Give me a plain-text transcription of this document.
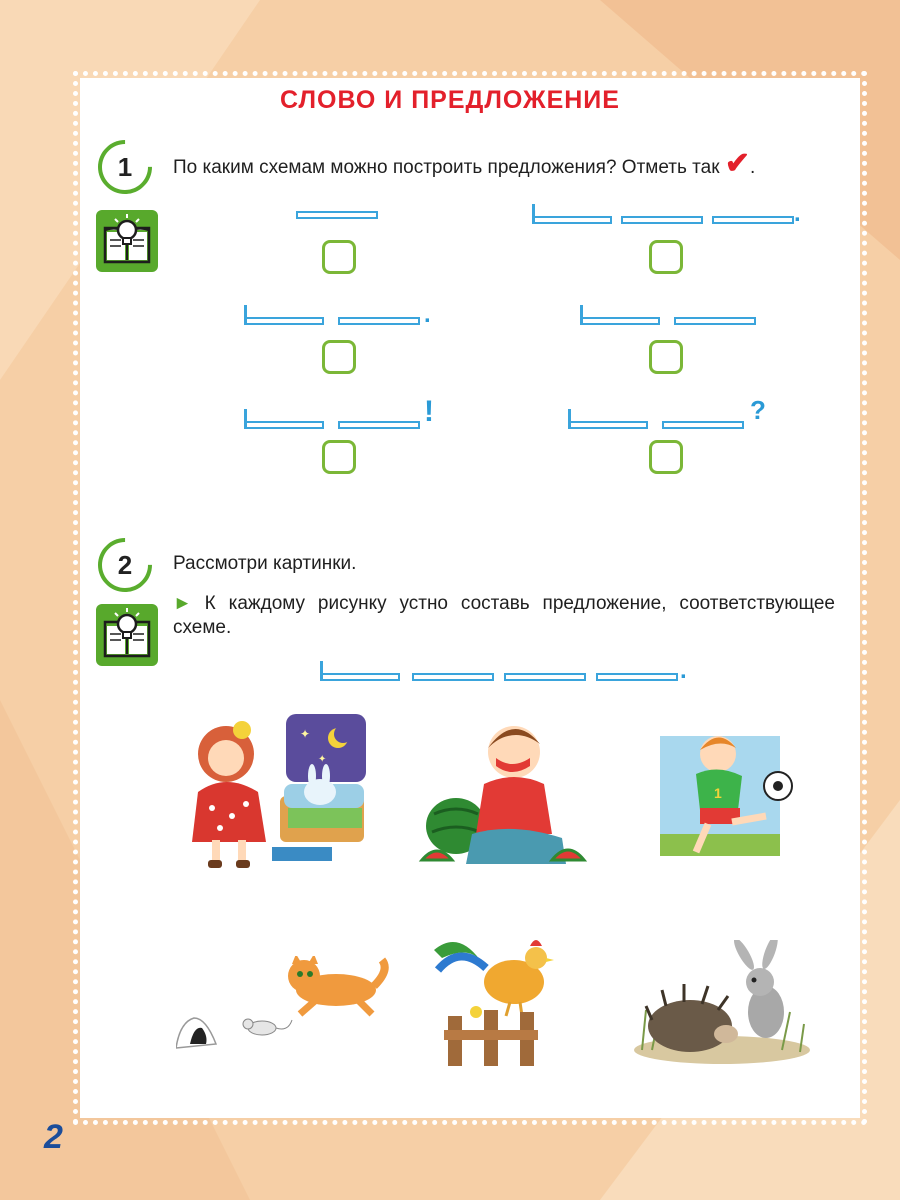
СЛОВО И ПРЕДЛОЖЕНИЕ
1	По каким схемам можно построить предложения? Отметь так ✔.
.
.
!	?
2	Рассмотри картинки.
► К каждому рисунку устно составь предложение, соответствующее схеме.
.
✦
✦
1
2
